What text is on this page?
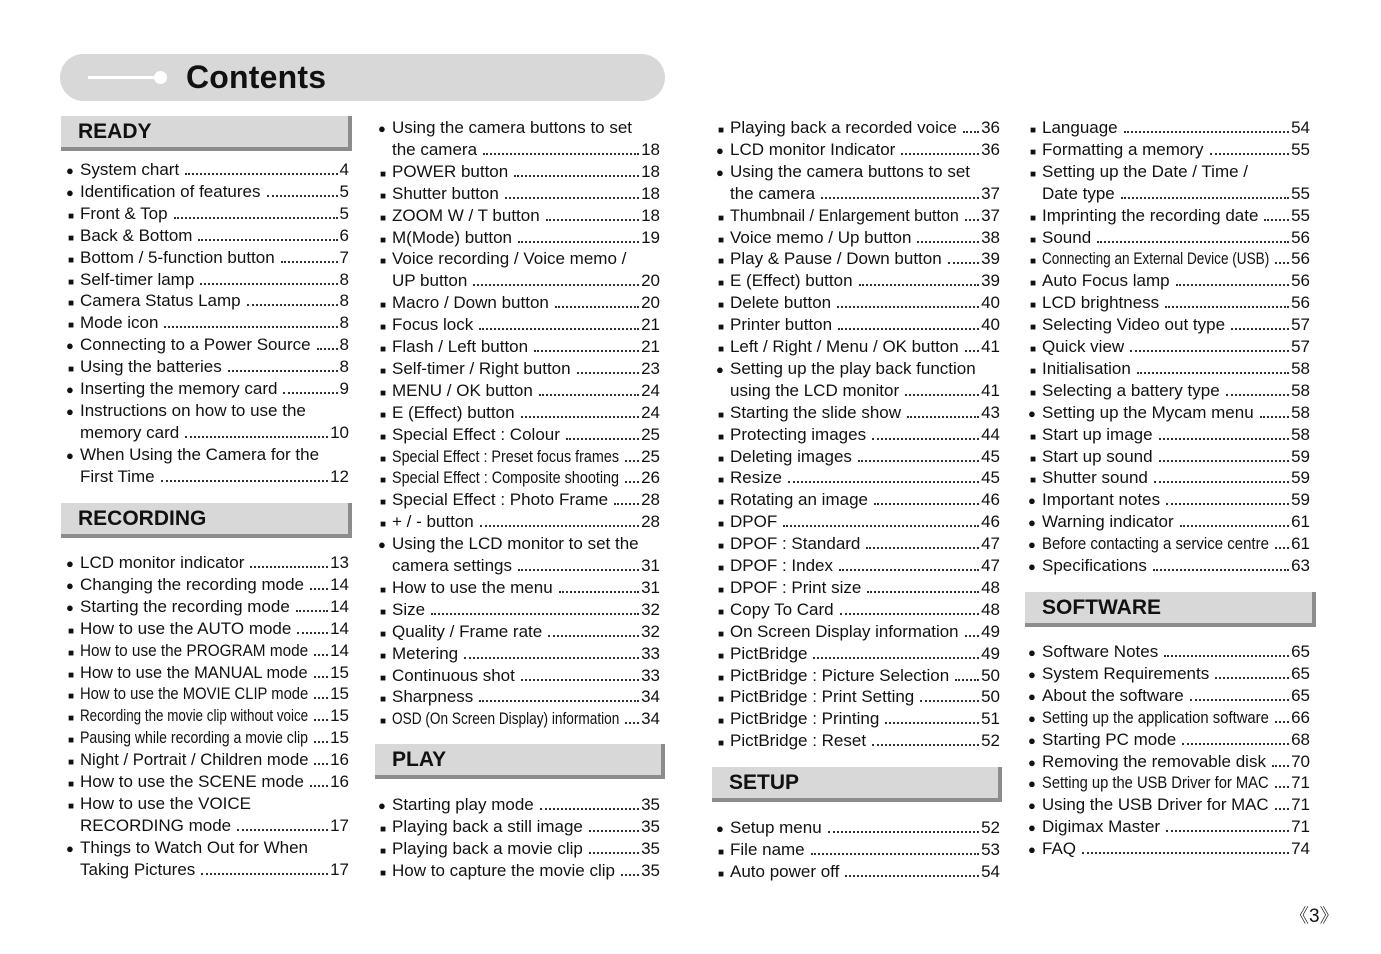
Contents
READY
● System chart	4
● Identification of features	5
■ Front & Top	5
■ Back & Bottom	6
■ Bottom / 5-function button	7
■ Self-timer lamp	8
■ Camera Status Lamp	8
■ Mode icon	8
● Connecting to a Power Source 8
■ Using the batteries	8
● Inserting the memory card	9
● Instructions on how to use the
memory card	10
● When Using the Camera for the
First Time	12
RECORDING
● LCD monitor indicator	13
● Changing the recording mode 14
● Starting the recording mode 14
■ How to use the AUTO mode 14
■ How to use the PROGRAM mode 14
■ How to use the MANUAL mode 15
■ How to use the MOVIE CLIP mode 15
■ Recording the movie clip without voice 15
■ Pausing while recording a movie clip 15
■ Night / Portrait / Children mode 16
■ How to use the SCENE mode 16
■ How to use the VOICE
RECORDING mode	17
● Things to Watch Out for When
Taking Pictures	17
● Using the camera buttons to set
the camera	18
■ POWER button	18
■ Shutter button	18
■ ZOOM W / T button	18
■ M(Mode) button	19
■ Voice recording / Voice memo /
UP button	20
■ Macro / Down button	20
■ Focus lock	21
■ Flash / Left button	21
■ Self-timer / Right button	23
■ MENU / OK button	24
■ E (Effect) button	24
■ Special Effect : Colour	25
■ Special Effect : Preset focus frames 25
■ Special Effect : Composite shooting 26
■ Special Effect : Photo Frame 28
■ + / - button	28
● Using the LCD monitor to set the
camera settings	31
■ How to use the menu	31
■ Size	32
■ Quality / Frame rate	32
■ Metering	33
■ Continuous shot	33
■ Sharpness	34
■ OSD (On Screen Display) information 34
PLAY
● Starting play mode	35
■ Playing back a still image	35
■ Playing back a movie clip	35
■ How to capture the movie clip 35
■ Playing back a recorded voice 36
● LCD monitor Indicator	36
● Using the camera buttons to set
the camera	37
■ Thumbnail / Enlargement button 37
■ Voice memo / Up button	38
■ Play & Pause / Down button 39
■ E (Effect) button	39
■ Delete button	40
■ Printer button	40
■ Left / Right / Menu / OK button 41
● Setting up the play back function
using the LCD monitor	41
■ Starting the slide show	43
■ Protecting images	44
■ Deleting images	45
■ Resize	45
■ Rotating an image	46
■ DPOF	46
■ DPOF : Standard	47
■ DPOF : Index	47
■ DPOF : Print size	48
■ Copy To Card	48
■ On Screen Display information 49
■ PictBridge	49
■ PictBridge : Picture Selection 50
■ PictBridge : Print Setting	50
■ PictBridge : Printing	51
■ PictBridge : Reset	52
SETUP
● Setup menu	52
■ File name	53
■ Auto power off	54
■ Language	54
■ Formatting a memory	55
■ Setting up the Date / Time /
Date type	55
■ Imprinting the recording date 55
■ Sound	56
■ Connecting an External Device (USB) 56
■ Auto Focus lamp	56
■ LCD brightness	56
■ Selecting Video out type	57
■ Quick view	57
■ Initialisation	58
■ Selecting a battery type	58
● Setting up the Mycam menu 58
■ Start up image	58
■ Start up sound	59
■ Shutter sound	59
● Important notes	59
● Warning indicator	61
● Before contacting a service centre 61
● Specifications	63
SOFTWARE
● Software Notes	65
● System Requirements	65
● About the software	65
● Setting up the application software 66
● Starting PC mode	68
● Removing the removable disk 70
● Setting up the USB Driver for MAC 71
● Using the USB Driver for MAC 71
● Digimax Master	71
● FAQ	74
《3》
